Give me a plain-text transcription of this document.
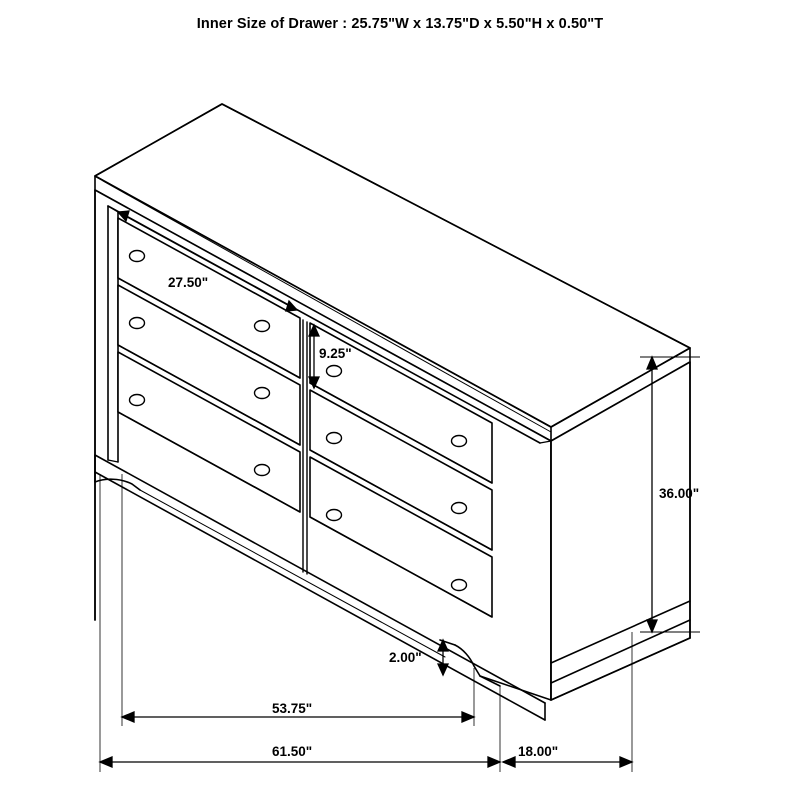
Inner Size of Drawer : 25.75"W x 13.75"D x 5.50"H x 0.50"T
27.50"
9.25"
36.00"
2.00"
53.75"
61.50"	18.00"
